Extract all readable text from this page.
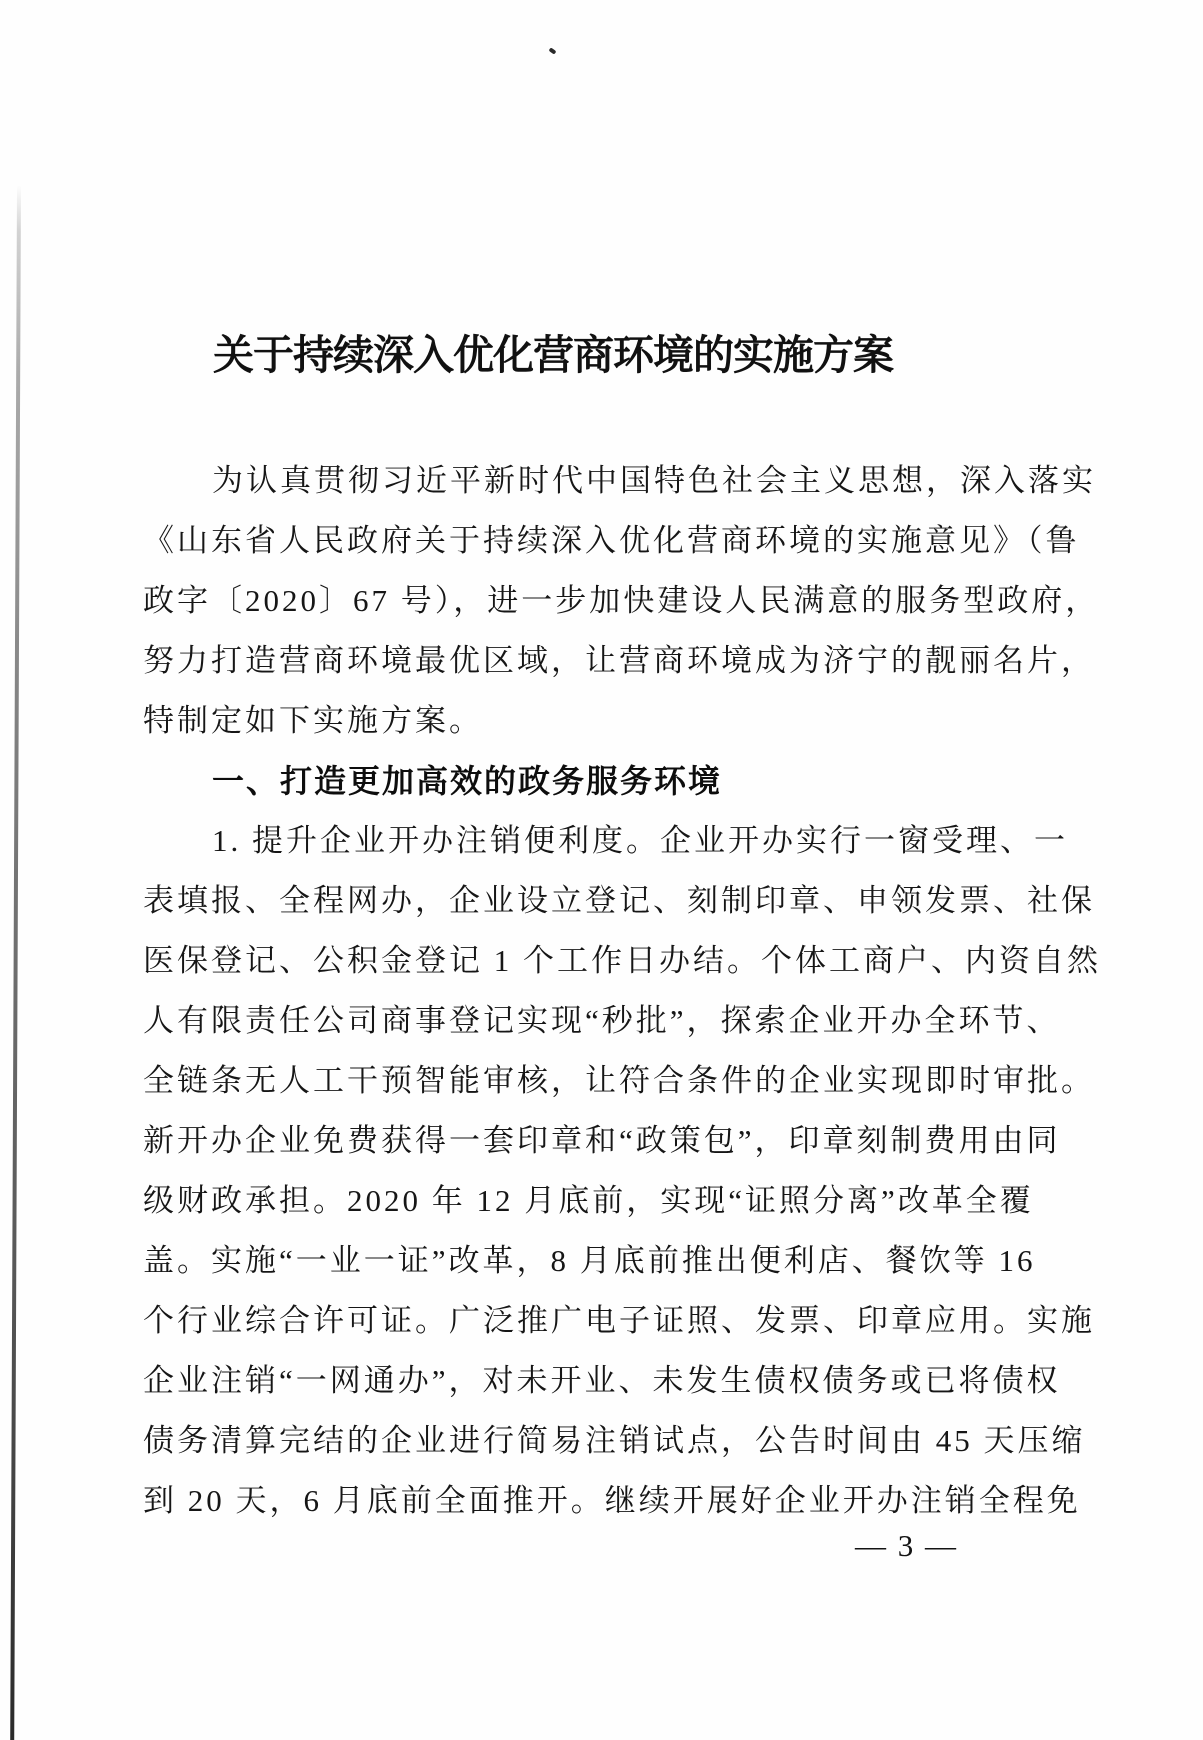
关于持续深入优化营商环境的实施方案
为认真贯彻习近平新时代中国特色社会主义思想，深入落实
《山东省人民政府关于持续深入优化营商环境的实施意见》（鲁
政字〔2020〕67 号），进一步加快建设人民满意的服务型政府，
努力打造营商环境最优区域，让营商环境成为济宁的靓丽名片，
特制定如下实施方案。
一、打造更加高效的政务服务环境
1. 提升企业开办注销便利度。企业开办实行一窗受理、一
表填报、全程网办，企业设立登记、刻制印章、申领发票、社保
医保登记、公积金登记 1 个工作日办结。个体工商户、内资自然
人有限责任公司商事登记实现“秒批”，探索企业开办全环节、
全链条无人工干预智能审核，让符合条件的企业实现即时审批。
新开办企业免费获得一套印章和“政策包”，印章刻制费用由同
级财政承担。2020 年 12 月底前，实现“证照分离”改革全覆
盖。实施“一业一证”改革，8 月底前推出便利店、餐饮等 16
个行业综合许可证。广泛推广电子证照、发票、印章应用。实施
企业注销“一网通办”，对未开业、未发生债权债务或已将债权
债务清算完结的企业进行简易注销试点，公告时间由 45 天压缩
到 20 天，6 月底前全面推开。继续开展好企业开办注销全程免
— 3 —
